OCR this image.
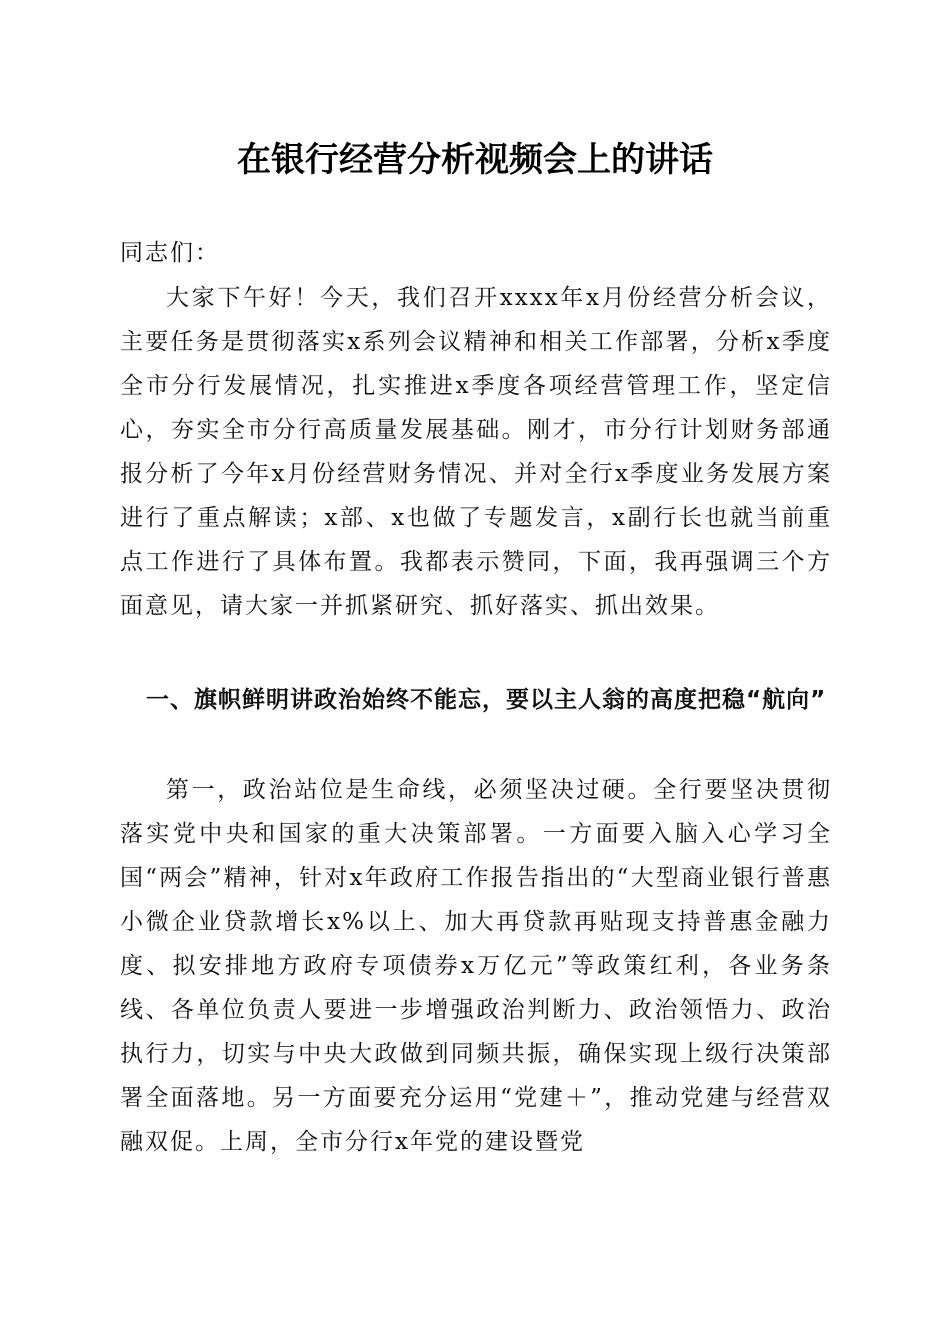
在银行经营分析视频会上的讲话
同志们：
大家下午好！今天，我们召开xxxx年x月份经营分析会议，主要任务是贯彻落实x系列会议精神和相关工作部署，分析x季度全市分行发展情况，扎实推进x季度各项经营管理工作，坚定信心，夯实全市分行高质量发展基础。刚才，市分行计划财务部通报分析了今年x月份经营财务情况、并对全行x季度业务发展方案进行了重点解读；x部、x也做了专题发言，x副行长也就当前重点工作进行了具体布置。我都表示赞同，下面，我再强调三个方面意见，请大家一并抓紧研究、抓好落实、抓出效果。
一、旗帜鲜明讲政治始终不能忘，要以主人翁的高度把稳“航向”
第一，政治站位是生命线，必须坚决过硬。全行要坚决贯彻落实党中央和国家的重大决策部署。一方面要入脑入心学习全国“两会”精神，针对x年政府工作报告指出的“大型商业银行普惠小微企业贷款增长x%以上、加大再贷款再贴现支持普惠金融力度、拟安排地方政府专项债券x万亿元”等政策红利，各业务条线、各单位负责人要进一步增强政治判断力、政治领悟力、政治执行力，切实与中央大政做到同频共振，确保实现上级行决策部署全面落地。另一方面要充分运用“党建＋”，推动党建与经营双融双促。上周，全市分行x年党的建设暨党
